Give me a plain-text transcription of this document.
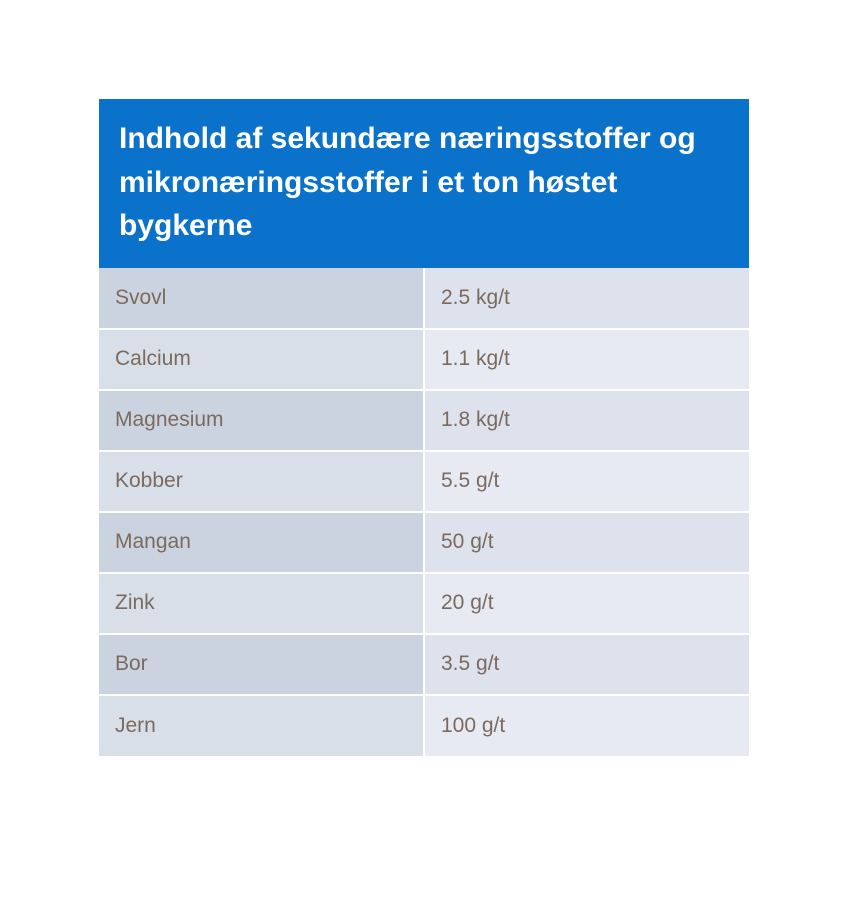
Indhold af sekundære næringsstoffer og mikronæringsstoffer i et ton høstet bygkerne
Svovl	2.5 kg/t
Calcium	1.1 kg/t
Magnesium	1.8 kg/t
Kobber	5.5 g/t
Mangan	50 g/t
Zink	20 g/t
Bor	3.5 g/t
Jern	100 g/t
